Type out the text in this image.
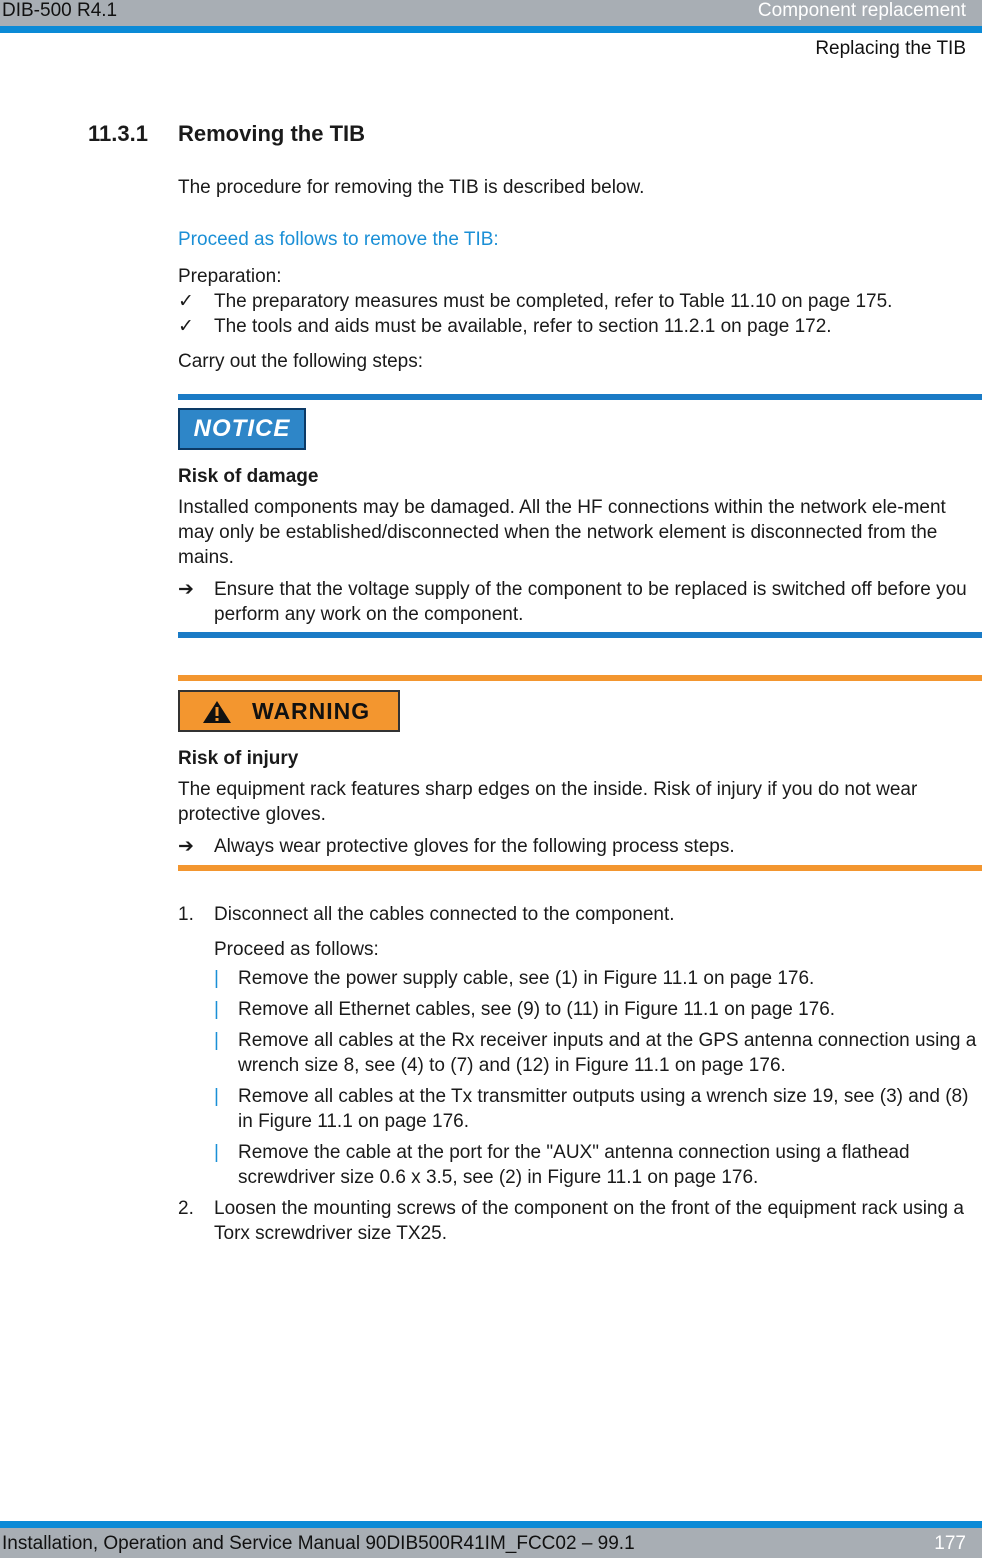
DIB-500 R4.1	Component replacement
Replacing the TIB
11.3.1 Removing the TIB

The procedure for removing the TIB is described below.

Proceed as follows to remove the TIB:

Preparation:

✓ The preparatory measures must be completed, refer to Table 11.10 on page 175.
✓ The tools and aids must be available, refer to section 11.2.1 on page 172.

Carry out the following steps:

NOTICE
Risk of damage

Installed components may be damaged. All the HF connections within the network ele-ment may only be established/disconnected when the network element is disconnected from the mains.

➔ Ensure that the voltage supply of the component to be replaced is switched off before you perform any work on the component.
WARNING
Risk of injury

The equipment rack features sharp edges on the inside. Risk of injury if you do not wear protective gloves.

➔ Always wear protective gloves for the following process steps.
1. Disconnect all the cables connected to the component.

Proceed as follows:

| Remove the power supply cable, see (1) in Figure 11.1 on page 176.
| Remove all Ethernet cables, see (9) to (11) in Figure 11.1 on page 176.
| Remove all cables at the Rx receiver inputs and at the GPS antenna connection using a wrench size 8, see (4) to (7) and (12) in Figure 11.1 on page 176.
| Remove all cables at the Tx transmitter outputs using a wrench size 19, see (3) and (8) in Figure 11.1 on page 176.
| Remove the cable at the port for the "AUX" antenna connection using a flathead screwdriver size 0.6 x 3.5, see (2) in Figure 11.1 on page 176.
2. Loosen the mounting screws of the component on the front of the equipment rack using a Torx screwdriver size TX25.
Installation, Operation and Service Manual 90DIB500R41IM_FCC02 – 99.1	177
